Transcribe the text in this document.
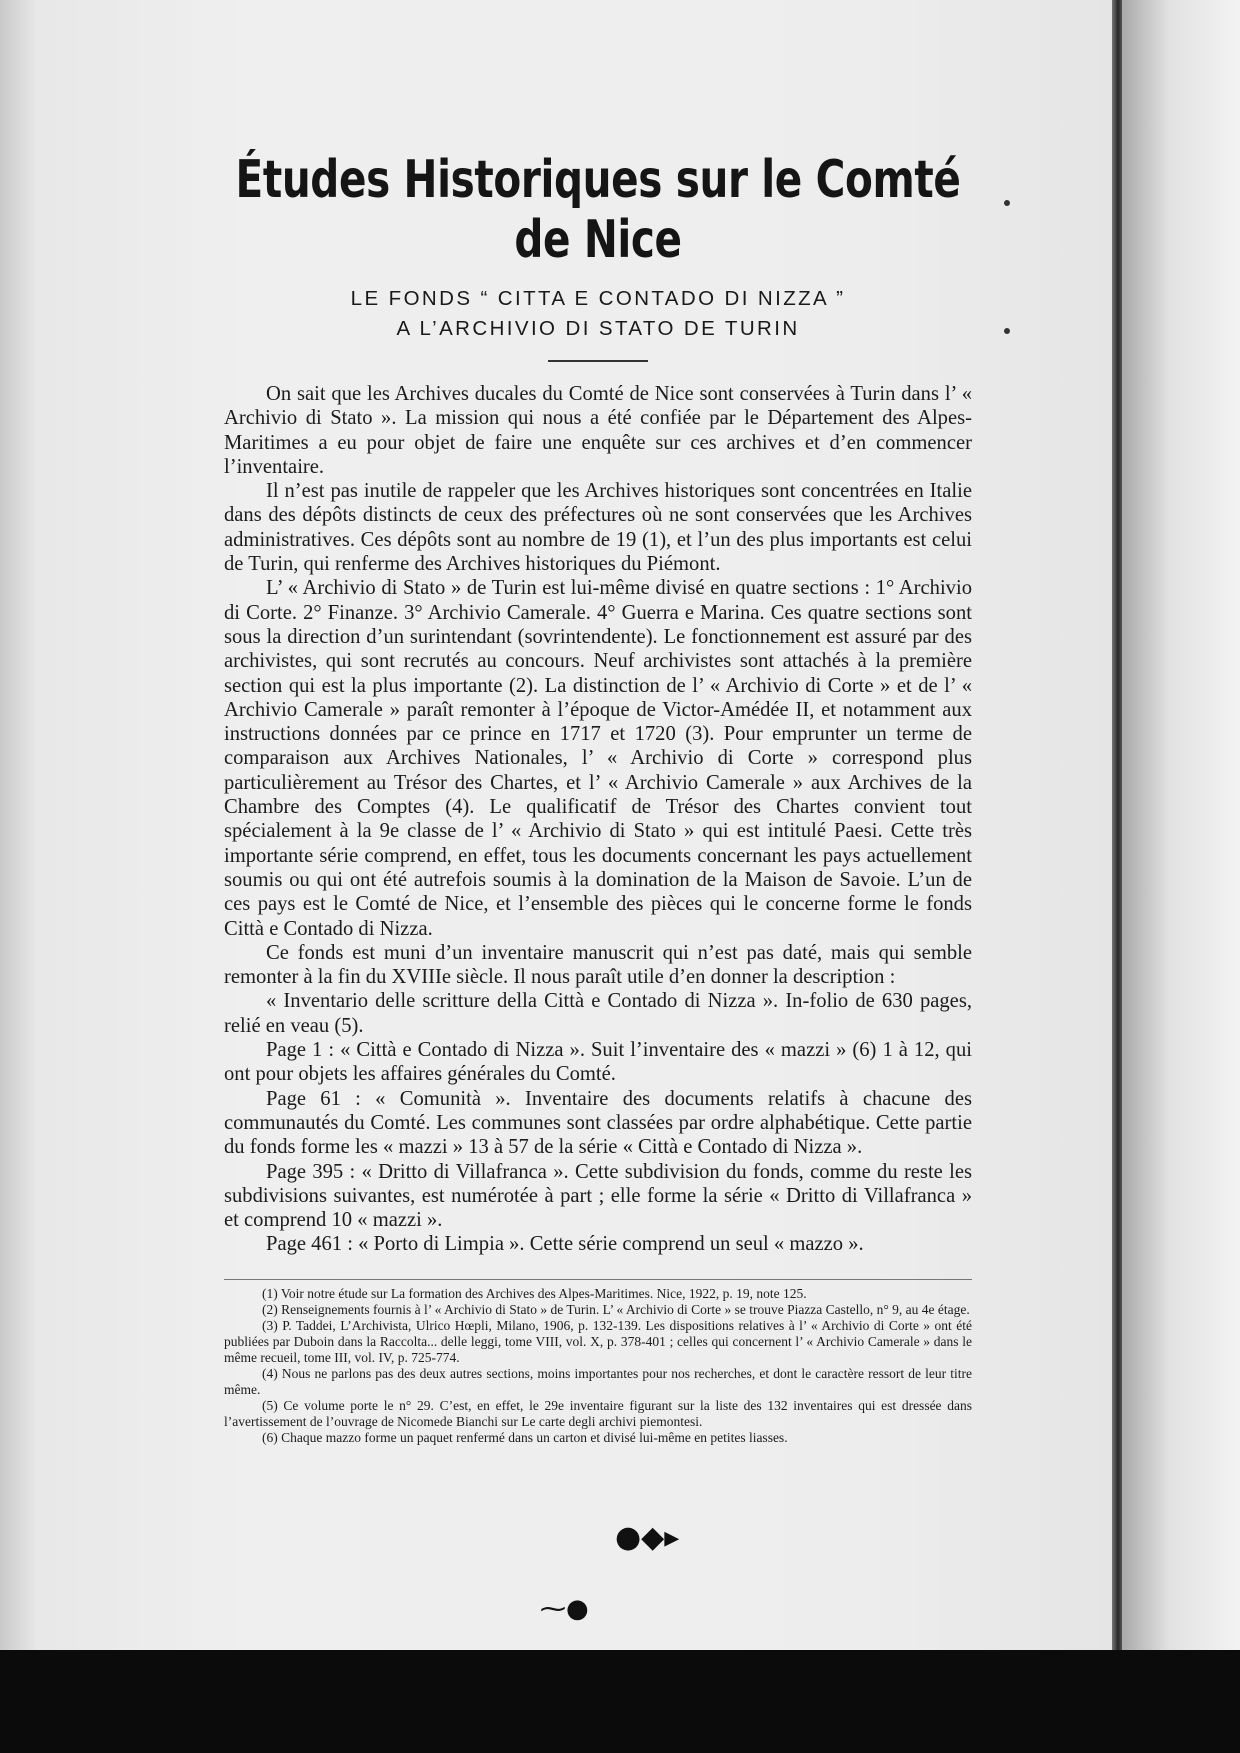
Études Historiques sur le Comté de Nice
LE FONDS “ CITTA E CONTADO DI NIZZA ”
A L’ARCHIVIO DI STATO DE TURIN

On sait que les Archives ducales du Comté de Nice sont conservées à Turin dans l’ « Archivio di Stato ». La mission qui nous a été confiée par le Département des Alpes-Maritimes a eu pour objet de faire une enquête sur ces archives et d’en commencer l’inventaire.

Il n’est pas inutile de rappeler que les Archives historiques sont concentrées en Italie dans des dépôts distincts de ceux des préfectures où ne sont conservées que les Archives administratives. Ces dépôts sont au nombre de 19 (1), et l’un des plus importants est celui de Turin, qui renferme des Archives historiques du Piémont.

L’ « Archivio di Stato » de Turin est lui-même divisé en quatre sections : 1° Archivio di Corte. 2° Finanze. 3° Archivio Camerale. 4° Guerra e Marina. Ces quatre sections sont sous la direction d’un surintendant (sovrintendente). Le fonctionnement est assuré par des archivistes, qui sont recrutés au concours. Neuf archivistes sont attachés à la première section qui est la plus importante (2). La distinction de l’ « Archivio di Corte » et de l’ « Archivio Camerale » paraît remonter à l’époque de Victor-Amédée II, et notamment aux instructions données par ce prince en 1717 et 1720 (3). Pour emprunter un terme de comparaison aux Archives Nationales, l’ « Archivio di Corte » correspond plus particulièrement au Trésor des Chartes, et l’ « Archivio Camerale » aux Archives de la Chambre des Comptes (4). Le qualificatif de Trésor des Chartes convient tout spécialement à la 9e classe de l’ « Archivio di Stato » qui est intitulé Paesi. Cette très importante série comprend, en effet, tous les documents concernant les pays actuellement soumis ou qui ont été autrefois soumis à la domination de la Maison de Savoie. L’un de ces pays est le Comté de Nice, et l’ensemble des pièces qui le concerne forme le fonds Città e Contado di Nizza.

Ce fonds est muni d’un inventaire manuscrit qui n’est pas daté, mais qui semble remonter à la fin du XVIIIe siècle. Il nous paraît utile d’en donner la description :

« Inventario delle scritture della Città e Contado di Nizza ». In-folio de 630 pages, relié en veau (5).

Page 1 : « Città e Contado di Nizza ». Suit l’inventaire des « mazzi » (6) 1 à 12, qui ont pour objets les affaires générales du Comté.

Page 61 : « Comunità ». Inventaire des documents relatifs à chacune des communautés du Comté. Les communes sont classées par ordre alphabétique. Cette partie du fonds forme les « mazzi » 13 à 57 de la série « Città e Contado di Nizza ».

Page 395 : « Dritto di Villafranca ». Cette subdivision du fonds, comme du reste les subdivisions suivantes, est numérotée à part ; elle forme la série « Dritto di Villafranca » et comprend 10 « mazzi ».

Page 461 : « Porto di Limpia ». Cette série comprend un seul « mazzo ».

(1) Voir notre étude sur La formation des Archives des Alpes-Maritimes. Nice, 1922, p. 19, note 125.

(2) Renseignements fournis à l’ « Archivio di Stato » de Turin. L’ « Archivio di Corte » se trouve Piazza Castello, n° 9, au 4e étage.

(3) P. Taddei, L’Archivista, Ulrico Hœpli, Milano, 1906, p. 132-139. Les dispositions relatives à l’ « Archivio di Corte » ont été publiées par Duboin dans la Raccolta... delle leggi, tome VIII, vol. X, p. 378-401 ; celles qui concernent l’ « Archivio Camerale » dans le même recueil, tome III, vol. IV, p. 725-774.

(4) Nous ne parlons pas des deux autres sections, moins importantes pour nos recherches, et dont le caractère ressort de leur titre même.

(5) Ce volume porte le n° 29. C’est, en effet, le 29e inventaire figurant sur la liste des 132 inventaires qui est dressée dans l’avertissement de l’ouvrage de Nicomede Bianchi sur Le carte degli archivi piemontesi.

(6) Chaque mazzo forme un paquet renfermé dans un carton et divisé lui-même en petites liasses.

●◆▸
⁓●
